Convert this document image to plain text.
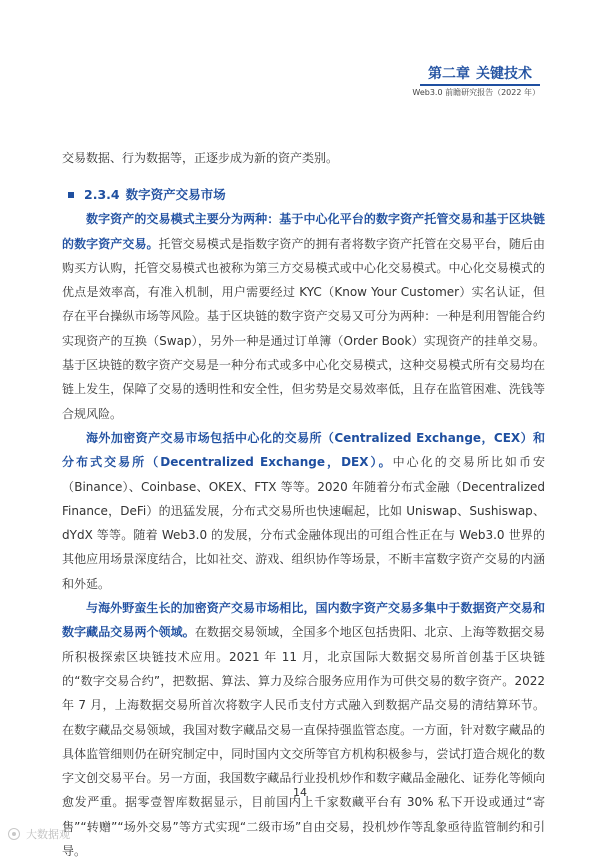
第二章 关键技术
Web3.0 前瞻研究报告（2022 年）

交易数据、行为数据等，正逐步成为新的资产类别。

2.3.4 数字资产交易市场

数字资产的交易模式主要分为两种：基于中心化平台的数字资产托管交易和基于区块链的数字资产交易。托管交易模式是指数字资产的拥有者将数字资产托管在交易平台，随后由购买方认购，托管交易模式也被称为第三方交易模式或中心化交易模式。中心化交易模式的优点是效率高，有准入机制，用户需要经过 KYC（Know Your Customer）实名认证，但存在平台操纵市场等风险。基于区块链的数字资产交易又可分为两种：一种是利用智能合约实现资产的互换（Swap），另外一种是通过订单簿（Order Book）实现资产的挂单交易。基于区块链的数字资产交易是一种分布式或多中心化交易模式，这种交易模式所有交易均在链上发生，保障了交易的透明性和安全性，但劣势是交易效率低，且存在监管困难、洗钱等合规风险。

海外加密资产交易市场包括中心化的交易所（Centralized Exchange，CEX）和分布式交易所（Decentralized Exchange，DEX）。中心化的交易所比如币安（Binance）、Coinbase、OKEX、FTX 等等。2020 年随着分布式金融（Decentralized Finance，DeFi）的迅猛发展，分布式交易所也快速崛起，比如 Uniswap、Sushiswap、dYdX 等等。随着 Web3.0 的发展，分布式金融体现出的可组合性正在与 Web3.0 世界的其他应用场景深度结合，比如社交、游戏、组织协作等场景，不断丰富数字资产交易的内涵和外延。

与海外野蛮生长的加密资产交易市场相比，国内数字资产交易多集中于数据资产交易和数字藏品交易两个领域。在数据交易领域，全国多个地区包括贵阳、北京、上海等数据交易所积极探索区块链技术应用。2021 年 11 月，北京国际大数据交易所首创基于区块链的“数字交易合约”，把数据、算法、算力及综合服务应用作为可供交易的数字资产。2022 年 7 月，上海数据交易所首次将数字人民币支付方式融入到数据产品交易的清结算环节。在数字藏品交易领域，我国对数字藏品交易一直保持强监管态度。一方面，针对数字藏品的具体监管细则仍在研究制定中，同时国内文交所等官方机构积极参与，尝试打造合规化的数字文创交易平台。另一方面，我国数字藏品行业投机炒作和数字藏品金融化、证券化等倾向愈发严重。据零壹智库数据显示，目前国内上千家数藏平台有 30% 私下开设或通过“寄售”“转赠”“场外交易”等方式实现“二级市场”自由交易，投机炒作等乱象亟待监管制约和引导。

14
大数据观
